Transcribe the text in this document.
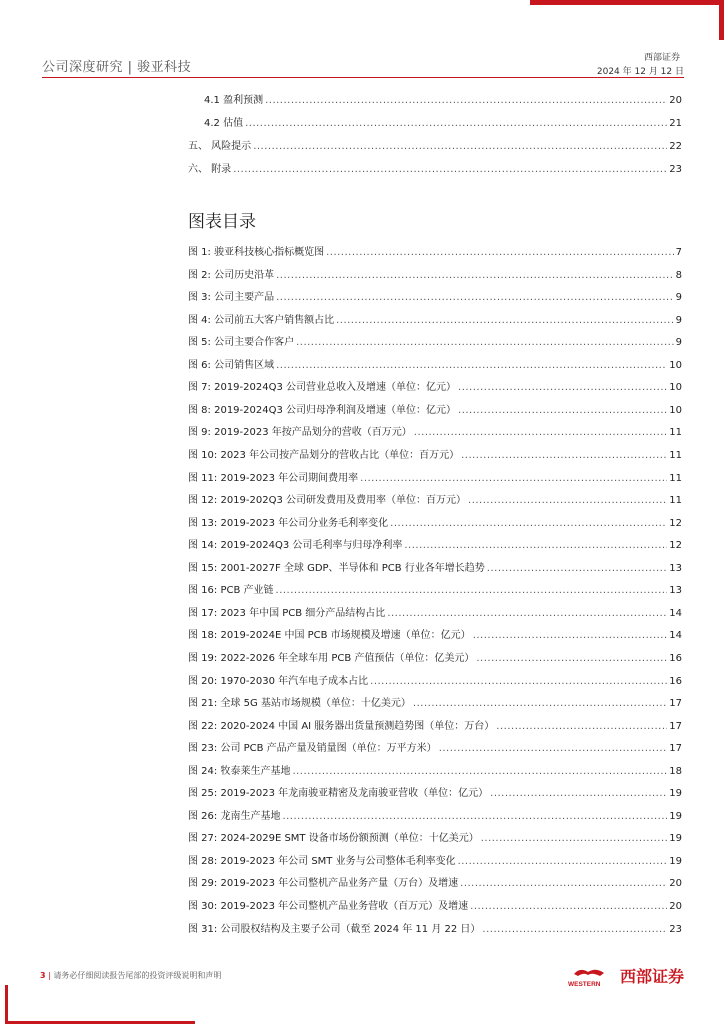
公司深度研究 | 骏亚科技
西部证券
2024 年 12 月 12 日
4.1 盈利预测 .....	20
4.2 估值 .....	21
五、 风险提示 .....	22
六、 附录 .....	23
图表目录
图 1: 骏亚科技核心指标概览图 .....	7
图 2: 公司历史沿革 .....	8
图 3: 公司主要产品 .....	9
图 4: 公司前五大客户销售额占比 .....	9
图 5: 公司主要合作客户 .....	9
图 6: 公司销售区域 .....	10
图 7: 2019-2024Q3 公司营业总收入及增速（单位：亿元） .....	10
图 8: 2019-2024Q3 公司归母净利润及增速（单位：亿元） .....	10
图 9: 2019-2023 年按产品划分的营收（百万元） .....	11
图 10: 2023 年公司按产品划分的营收占比（单位：百万元） .....	11
图 11: 2019-2023 年公司期间费用率 .....	11
图 12: 2019-202Q3 公司研发费用及费用率（单位：百万元） .....	11
图 13: 2019-2023 年公司分业务毛利率变化 .....	12
图 14: 2019-2024Q3 公司毛利率与归母净利率 .....	12
图 15: 2001-2027F 全球 GDP、半导体和 PCB 行业各年增长趋势 .....	13
图 16: PCB 产业链 .....	13
图 17: 2023 年中国 PCB 细分产品结构占比 .....	14
图 18: 2019-2024E 中国 PCB 市场规模及增速（单位：亿元） .....	14
图 19: 2022-2026 年全球车用 PCB 产值预估（单位：亿美元） .....	16
图 20: 1970-2030 年汽车电子成本占比 .....	16
图 21: 全球 5G 基站市场规模（单位：十亿美元） .....	17
图 22: 2020-2024 中国 AI 服务器出货量预测趋势图（单位：万台） .....	17
图 23: 公司 PCB 产品产量及销量图（单位：万平方米） .....	17
图 24: 牧泰莱生产基地 .....	18
图 25: 2019-2023 年龙南骏亚精密及龙南骏亚营收（单位：亿元） .....	19
图 26: 龙南生产基地 .....	19
图 27: 2024-2029E SMT 设备市场份额预测（单位：十亿美元） .....	19
图 28: 2019-2023 年公司 SMT 业务与公司整体毛利率变化 .....	19
图 29: 2019-2023 年公司整机产品业务产量（万台）及增速 .....	20
图 30: 2019-2023 年公司整机产品业务营收（百万元）及增速 .....	20
图 31: 公司股权结构及主要子公司（截至 2024 年 11 月 22 日） .....	23
3 | 请务必仔细阅读报告尾部的投资评级说明和声明
WESTERN 西部证券
